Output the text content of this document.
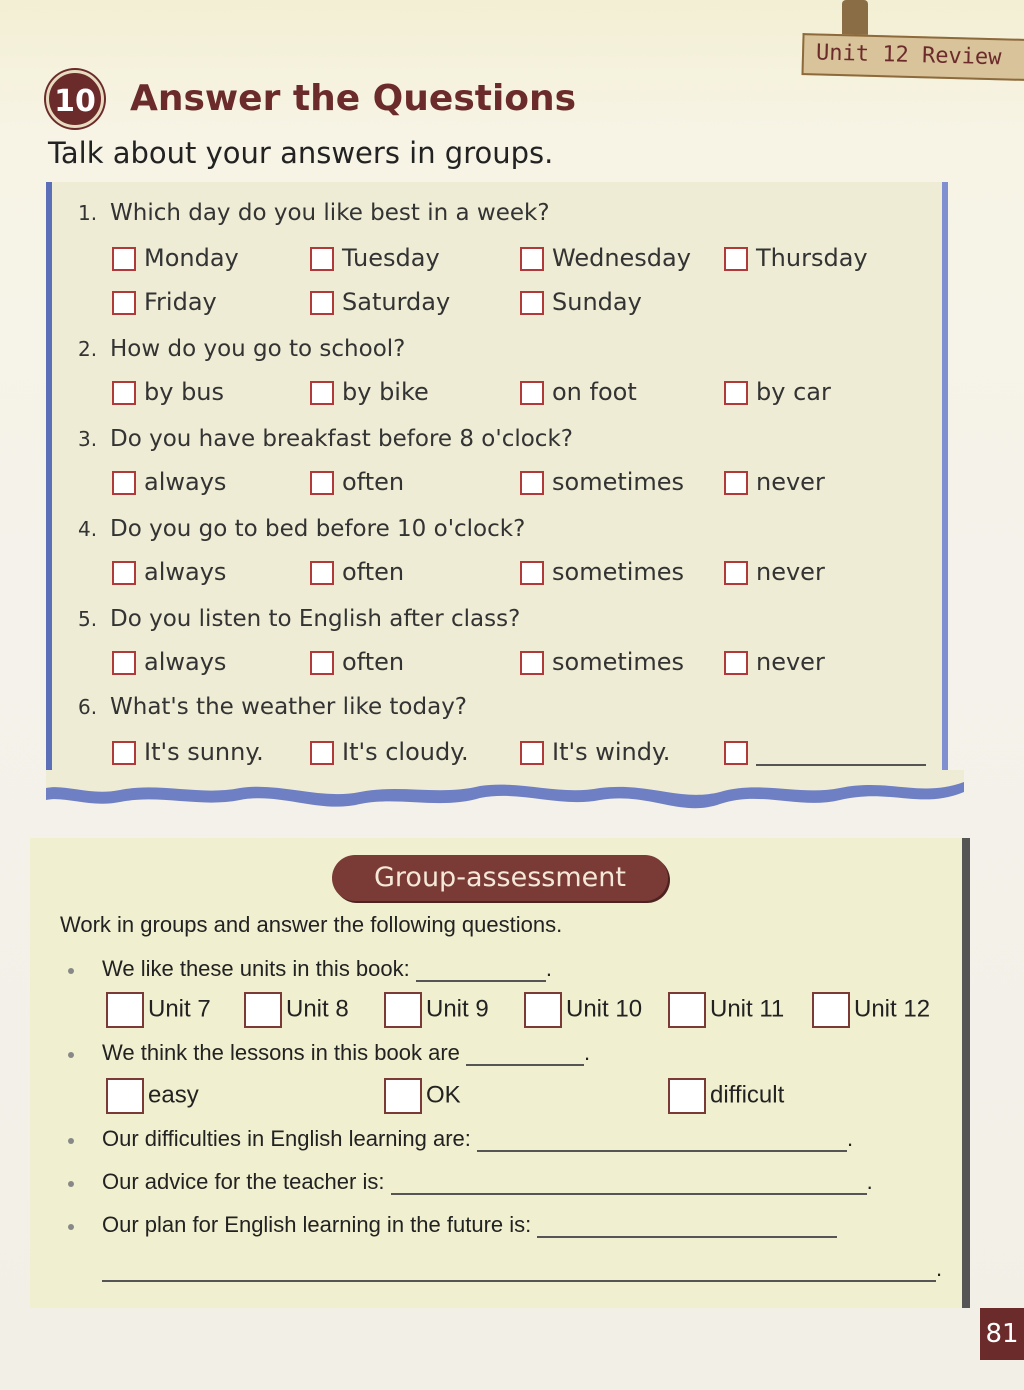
Unit 12 Review
10 Answer the Questions
Talk about your answers in groups.
1. Which day do you like best in a week?
Monday	Tuesday	Wednesday	Thursday
Friday	Saturday	Sunday
2. How do you go to school?
by bus	by bike	on foot	by car
3. Do you have breakfast before 8 o'clock?
always	often	sometimes	never
4. Do you go to bed before 10 o'clock?
always	often	sometimes	never
5. Do you listen to English after class?
always	often	sometimes	never
6. What's the weather like today?
It's sunny.	It's cloudy.	It's windy.
Group-assessment
Work in groups and answer the following questions.
We like these units in this book:	.
Unit 7	Unit 8	Unit 9	Unit 10	Unit 11	Unit 12
We think the lessons in this book are	.
easy	OK	difficult
Our difficulties in English learning are:	.
Our advice for the teacher is:	.
Our plan for English learning in the future is:
.
81
